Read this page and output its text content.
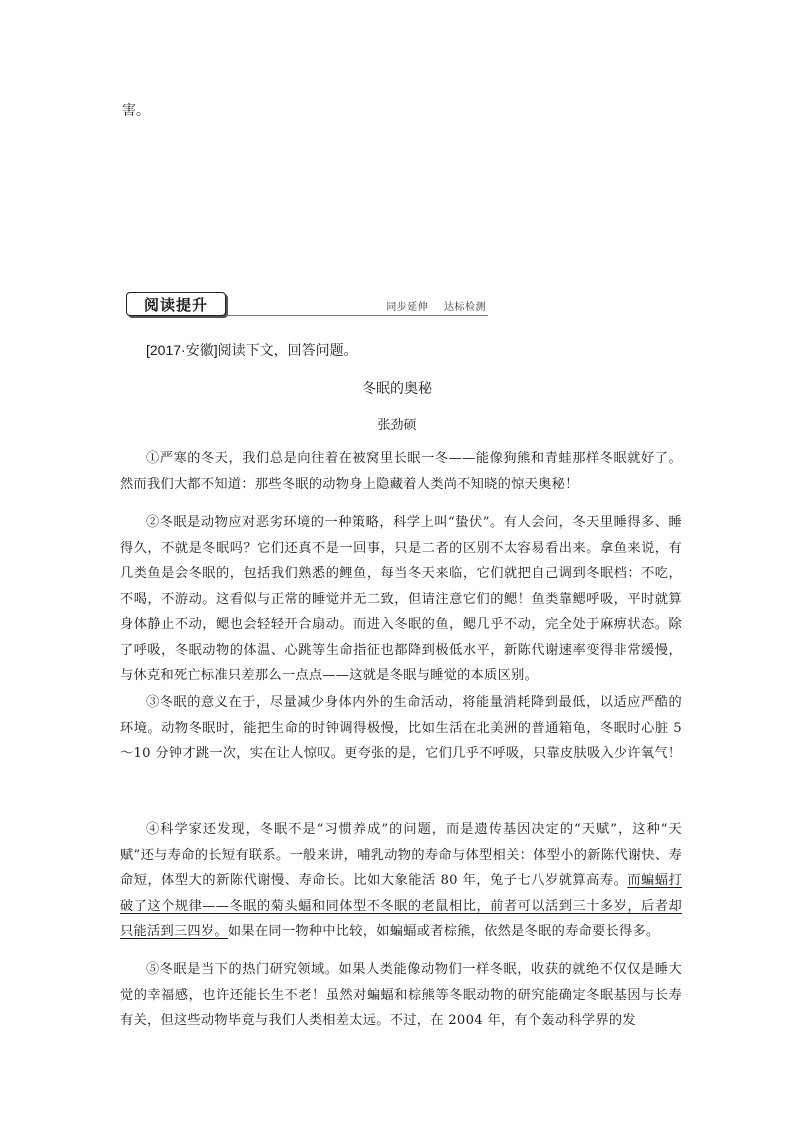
害。
阅读提升	同步延伸 达标检测
[2017·安徽]阅读下文，回答问题。
冬眠的奥秘
张劲硕
①严寒的冬天，我们总是向往着在被窝里长眠一冬——能像狗熊和青蛙那样冬眠就好了。然而我们大都不知道：那些冬眠的动物身上隐藏着人类尚不知晓的惊天奥秘！
②冬眠是动物应对恶劣环境的一种策略，科学上叫“蛰伏”。有人会问，冬天里睡得多、睡得久，不就是冬眠吗？它们还真不是一回事，只是二者的区别不太容易看出来。拿鱼来说，有几类鱼是会冬眠的，包括我们熟悉的鲤鱼，每当冬天来临，它们就把自己调到冬眠档：不吃，不喝，不游动。这看似与正常的睡觉并无二致，但请注意它们的鳃！鱼类靠鳃呼吸，平时就算身体静止不动，鳃也会轻轻开合扇动。而进入冬眠的鱼，鳃几乎不动，完全处于麻痹状态。除了呼吸，冬眠动物的体温、心跳等生命指征也都降到极低水平，新陈代谢速率变得非常缓慢，与休克和死亡标准只差那么一点点——这就是冬眠与睡觉的本质区别。
③冬眠的意义在于，尽量减少身体内外的生命活动，将能量消耗降到最低，以适应严酷的环境。动物冬眠时，能把生命的时钟调得极慢，比如生活在北美洲的普通箱龟，冬眠时心脏 5～10 分钟才跳一次，实在让人惊叹。更夸张的是，它们几乎不呼吸，只靠皮肤吸入少许氧气！
④科学家还发现，冬眠不是“习惯养成”的问题，而是遗传基因决定的“天赋”，这种“天赋”还与寿命的长短有联系。一般来讲，哺乳动物的寿命与体型相关：体型小的新陈代谢快、寿命短，体型大的新陈代谢慢、寿命长。比如大象能活 80 年，兔子七八岁就算高寿。而蝙蝠打破了这个规律——冬眠的菊头蝠和同体型不冬眠的老鼠相比，前者可以活到三十多岁，后者却只能活到三四岁。如果在同一物种中比较，如蝙蝠或者棕熊，依然是冬眠的寿命要长得多。
⑤冬眠是当下的热门研究领域。如果人类能像动物们一样冬眠，收获的就绝不仅仅是睡大觉的幸福感，也许还能长生不老！虽然对蝙蝠和棕熊等冬眠动物的研究能确定冬眠基因与长寿有关，但这些动物毕竟与我们人类相差太远。不过，在 2004 年，有个轰动科学界的发
